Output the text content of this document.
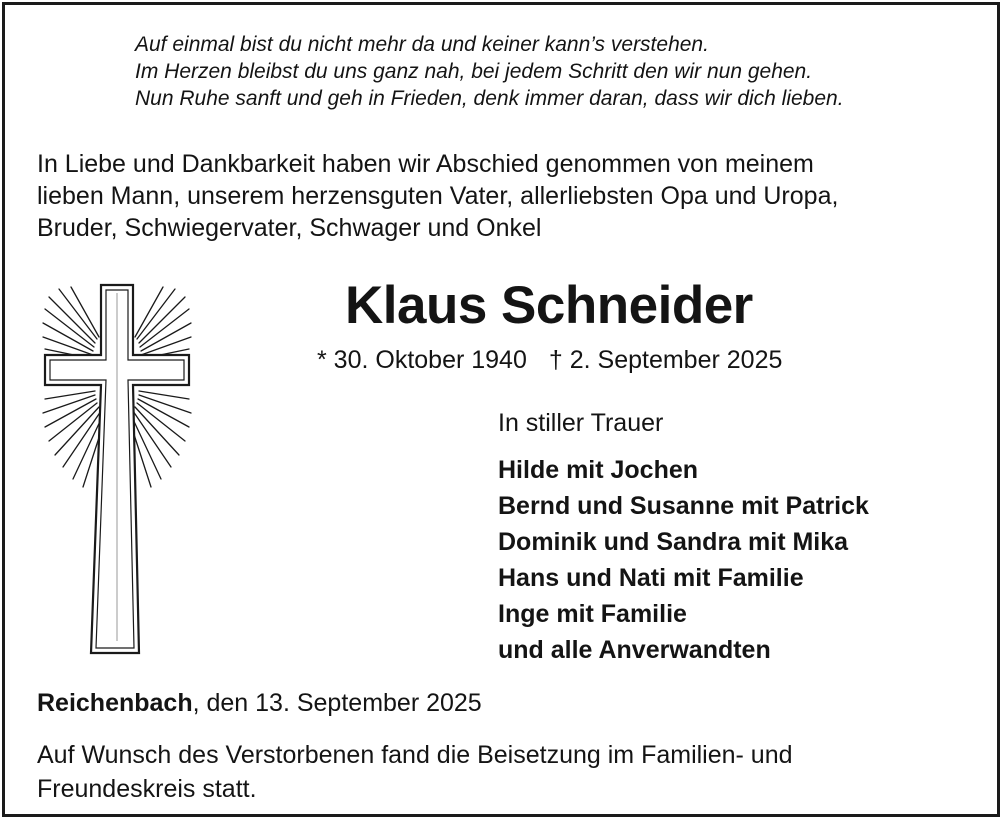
Auf einmal bist du nicht mehr da und keiner kann’s verstehen.
Im Herzen bleibst du uns ganz nah, bei jedem Schritt den wir nun gehen.
Nun Ruhe sanft und geh in Frieden, denk immer daran, dass wir dich lieben.
In Liebe und Dankbarkeit haben wir Abschied genommen von meinem
lieben Mann, unserem herzensguten Vater, allerliebsten Opa und Uropa,
Bruder, Schwiegervater, Schwager und Onkel
Klaus Schneider
* 30. Oktober 1940 † 2. September 2025
In stiller Trauer
Hilde mit Jochen
Bernd und Susanne mit Patrick
Dominik und Sandra mit Mika
Hans und Nati mit Familie
Inge mit Familie
und alle Anverwandten
Reichenbach, den 13. September 2025
Auf Wunsch des Verstorbenen fand die Beisetzung im Familien- und
Freundeskreis statt.
